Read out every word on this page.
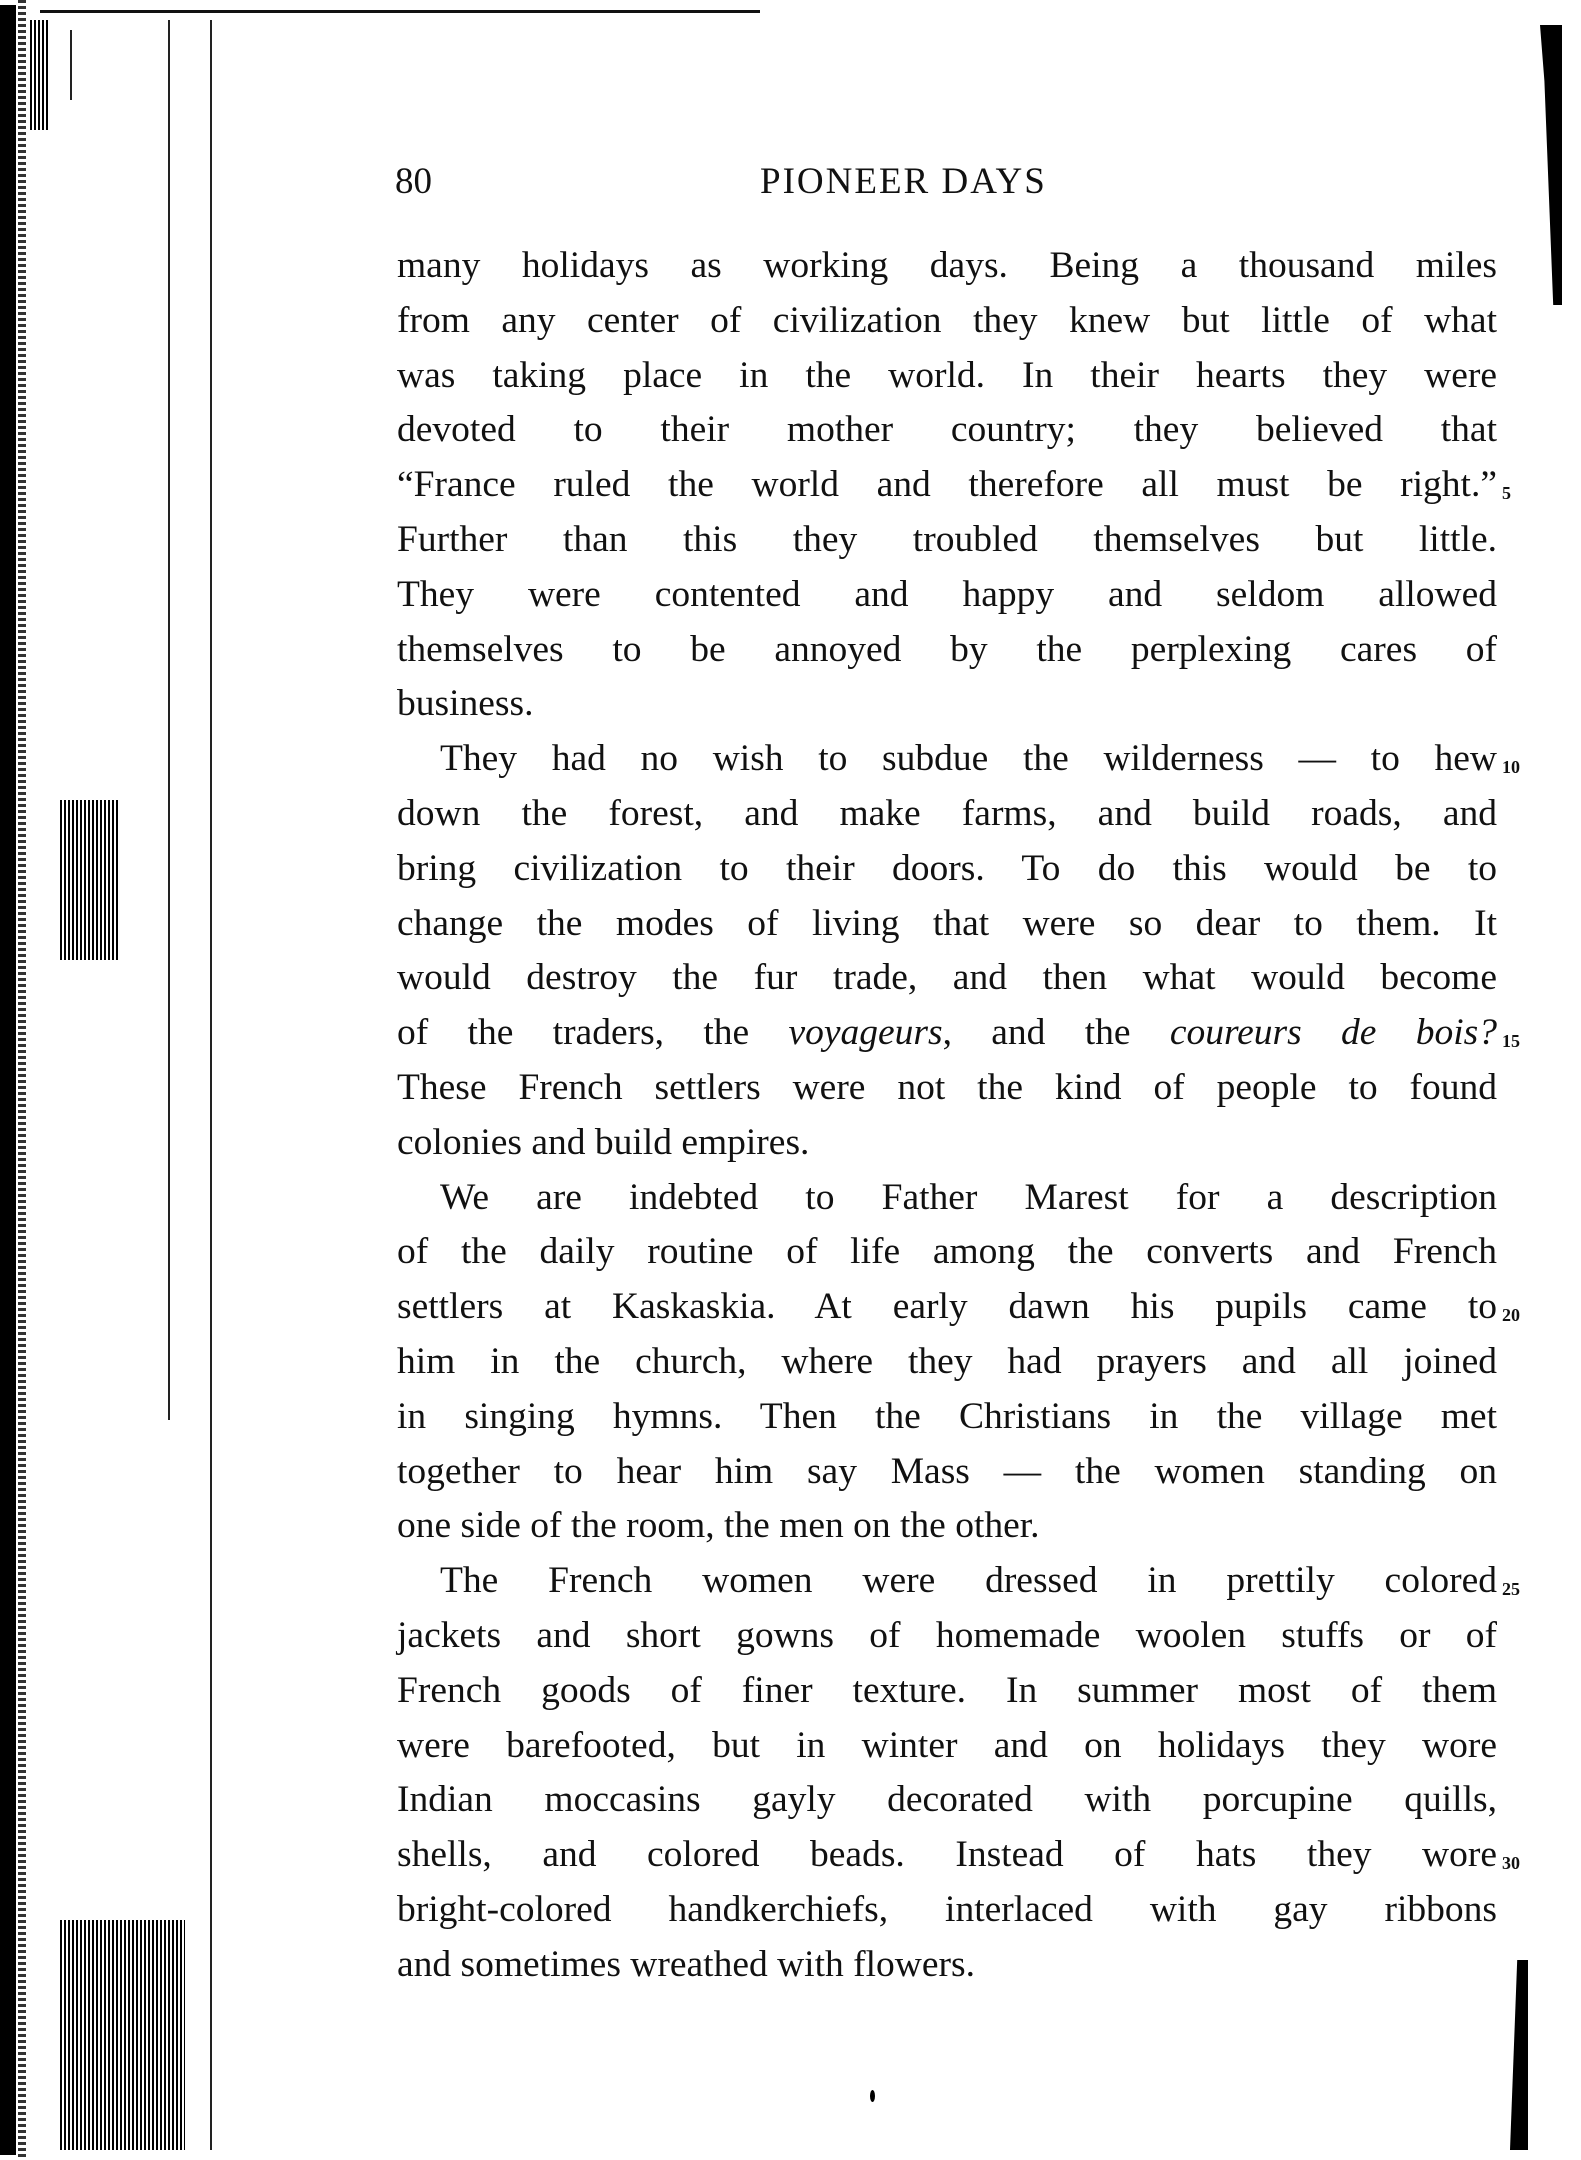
80	PIONEER DAYS
many holidays as working days. Being a thousand miles
from any center of civilization they knew but little of what
was taking place in the world. In their hearts they were
devoted to their mother country; they believed that
“France ruled the world and therefore all must be right.” 5
Further than this they troubled themselves but little.
They were contented and happy and seldom allowed
themselves to be annoyed by the perplexing cares of
business.
They had no wish to subdue the wilderness — to hew 10
down the forest, and make farms, and build roads, and
bring civilization to their doors. To do this would be to
change the modes of living that were so dear to them. It
would destroy the fur trade, and then what would become
of the traders, the voyageurs, and the coureurs de bois? 15
These French settlers were not the kind of people to found
colonies and build empires.
We are indebted to Father Marest for a description
of the daily routine of life among the converts and French
settlers at Kaskaskia. At early dawn his pupils came to 20
him in the church, where they had prayers and all joined
in singing hymns. Then the Christians in the village met
together to hear him say Mass — the women standing on
one side of the room, the men on the other.
The French women were dressed in prettily colored 25
jackets and short gowns of homemade woolen stuffs or of
French goods of finer texture. In summer most of them
were barefooted, but in winter and on holidays they wore
Indian moccasins gayly decorated with porcupine quills,
shells, and colored beads. Instead of hats they wore 30
bright-colored handkerchiefs, interlaced with gay ribbons
and sometimes wreathed with flowers.
